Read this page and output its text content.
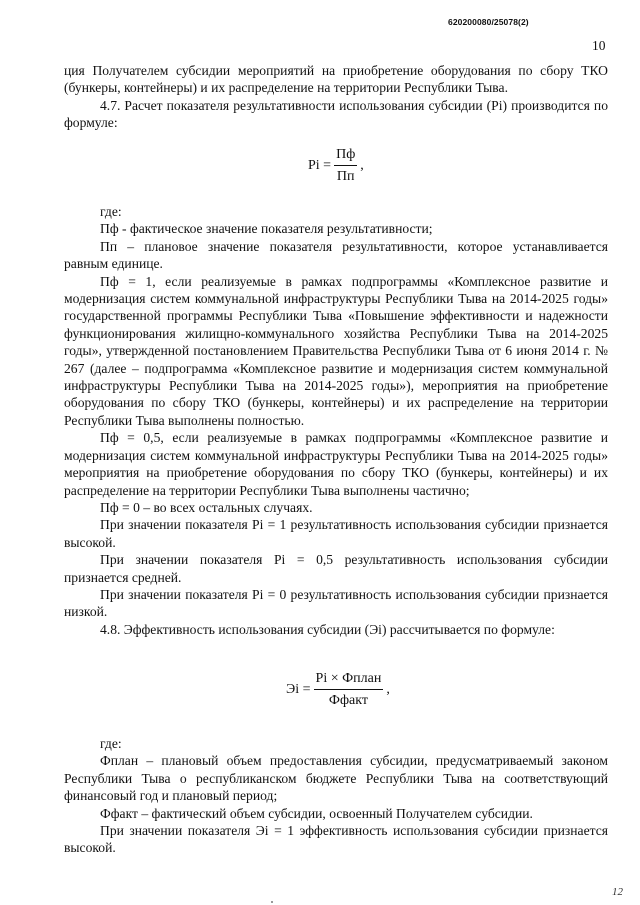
620200080/25078(2)
10

ция Получателем субсидии мероприятий на приобретение оборудования по сбору ТКО (бункеры, контейнеры) и их распределение на территории Республики Тыва.

4.7. Расчет показателя результативности использования субсидии (Pi) производится по формуле:

$Pi = \frac{Пф}{Пп}$ ,

где:

Пф - фактическое значение показателя результативности;

Пп – плановое значение показателя результативности, которое устанавливается равным единице.

Пф = 1, если реализуемые в рамках подпрограммы «Комплексное развитие и модернизация систем коммунальной инфраструктуры Республики Тыва на 2014-2025 годы» государственной программы Республики Тыва «Повышение эффективности и надежности функционирования жилищно-коммунального хозяйства Республики Тыва на 2014-2025 годы», утвержденной постановлением Правительства Республики Тыва от 6 июня 2014 г. № 267 (далее – подпрограмма «Комплексное развитие и модернизация систем коммунальной инфраструктуры Республики Тыва на 2014-2025 годы»), мероприятия на приобретение оборудования по сбору ТКО (бункеры, контейнеры) и их распределение на территории Республики Тыва выполнены полностью.

Пф = 0,5, если реализуемые в рамках подпрограммы «Комплексное развитие и модернизация систем коммунальной инфраструктуры Республики Тыва на 2014-2025 годы» мероприятия на приобретение оборудования по сбору ТКО (бункеры, контейнеры) и их распределение на территории Республики Тыва выполнены частично;

Пф = 0 – во всех остальных случаях.

При значении показателя Pi = 1 результативность использования субсидии признается высокой.

При значении показателя Pi = 0,5 результативность использования субсидии признается средней.

При значении показателя Pi = 0 результативность использования субсидии признается низкой.

4.8. Эффективность использования субсидии (Эi) рассчитывается по формуле:

Эi = $\frac{\text{Pi × Фплан}}{\text{Ффакт}}$ ,

где:

Фплан – плановый объем предоставления субсидии, предусматриваемый законом Республики Тыва о республиканском бюджете Республики Тыва на соответствующий финансовый год и плановый период;

Ффакт – фактический объем субсидии, освоенный Получателем субсидии.

При значении показателя Эi = 1 эффективность использования субсидии признается высокой.

12
